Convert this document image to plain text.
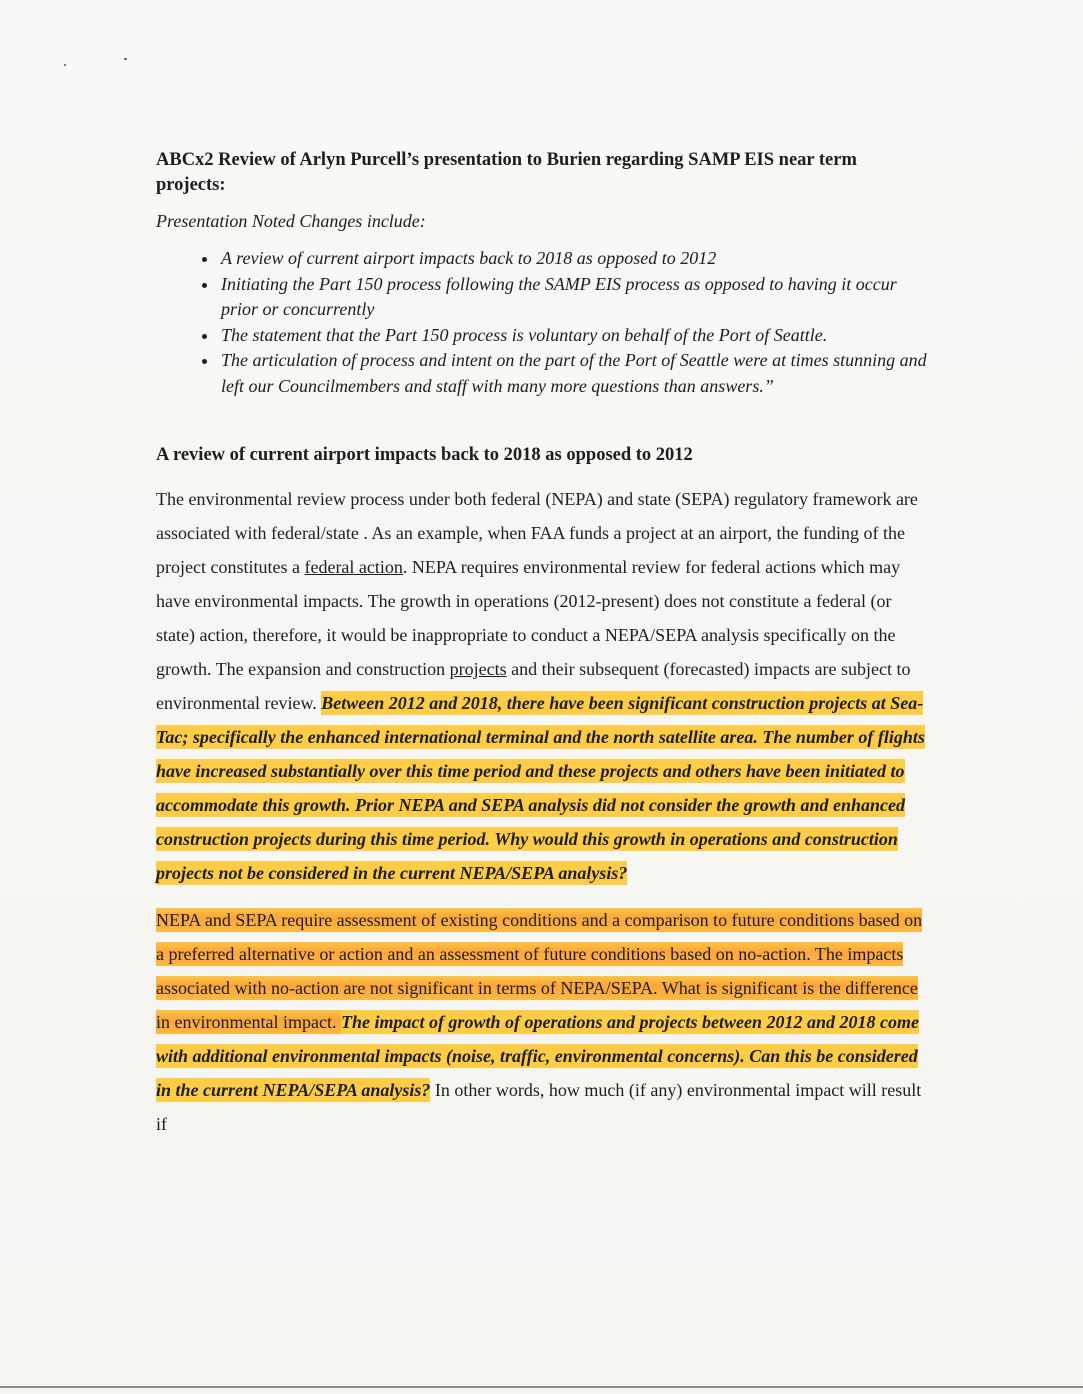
ABCx2 Review of Arlyn Purcell’s presentation to Burien regarding SAMP EIS near term projects:

Presentation Noted Changes include:

• A review of current airport impacts back to 2018 as opposed to 2012
• Initiating the Part 150 process following the SAMP EIS process as opposed to having it occur prior or concurrently
• The statement that the Part 150 process is voluntary on behalf of the Port of Seattle.
• The articulation of process and intent on the part of the Port of Seattle were at times stunning and left our Councilmembers and staff with many more questions than answers.”
A review of current airport impacts back to 2018 as opposed to 2012

The environmental review process under both federal (NEPA) and state (SEPA) regulatory framework are associated with federal/state . As an example, when FAA funds a project at an airport, the funding of the project constitutes a federal action. NEPA requires environmental review for federal actions which may have environmental impacts. The growth in operations (2012-present) does not constitute a federal (or state) action, therefore, it would be inappropriate to conduct a NEPA/SEPA analysis specifically on the growth. The expansion and construction projects and their subsequent (forecasted) impacts are subject to environmental review. Between 2012 and 2018, there have been significant construction projects at Sea-Tac; specifically the enhanced international terminal and the north satellite area. The number of flights have increased substantially over this time period and these projects and others have been initiated to accommodate this growth. Prior NEPA and SEPA analysis did not consider the growth and enhanced construction projects during this time period. Why would this growth in operations and construction projects not be considered in the current NEPA/SEPA analysis?

NEPA and SEPA require assessment of existing conditions and a comparison to future conditions based on a preferred alternative or action and an assessment of future conditions based on no-action. The impacts associated with no-action are not significant in terms of NEPA/SEPA. What is significant is the difference in environmental impact. The impact of growth of operations and projects between 2012 and 2018 come with additional environmental impacts (noise, traffic, environmental concerns). Can this be considered in the current NEPA/SEPA analysis? In other words, how much (if any) environmental impact will result if
